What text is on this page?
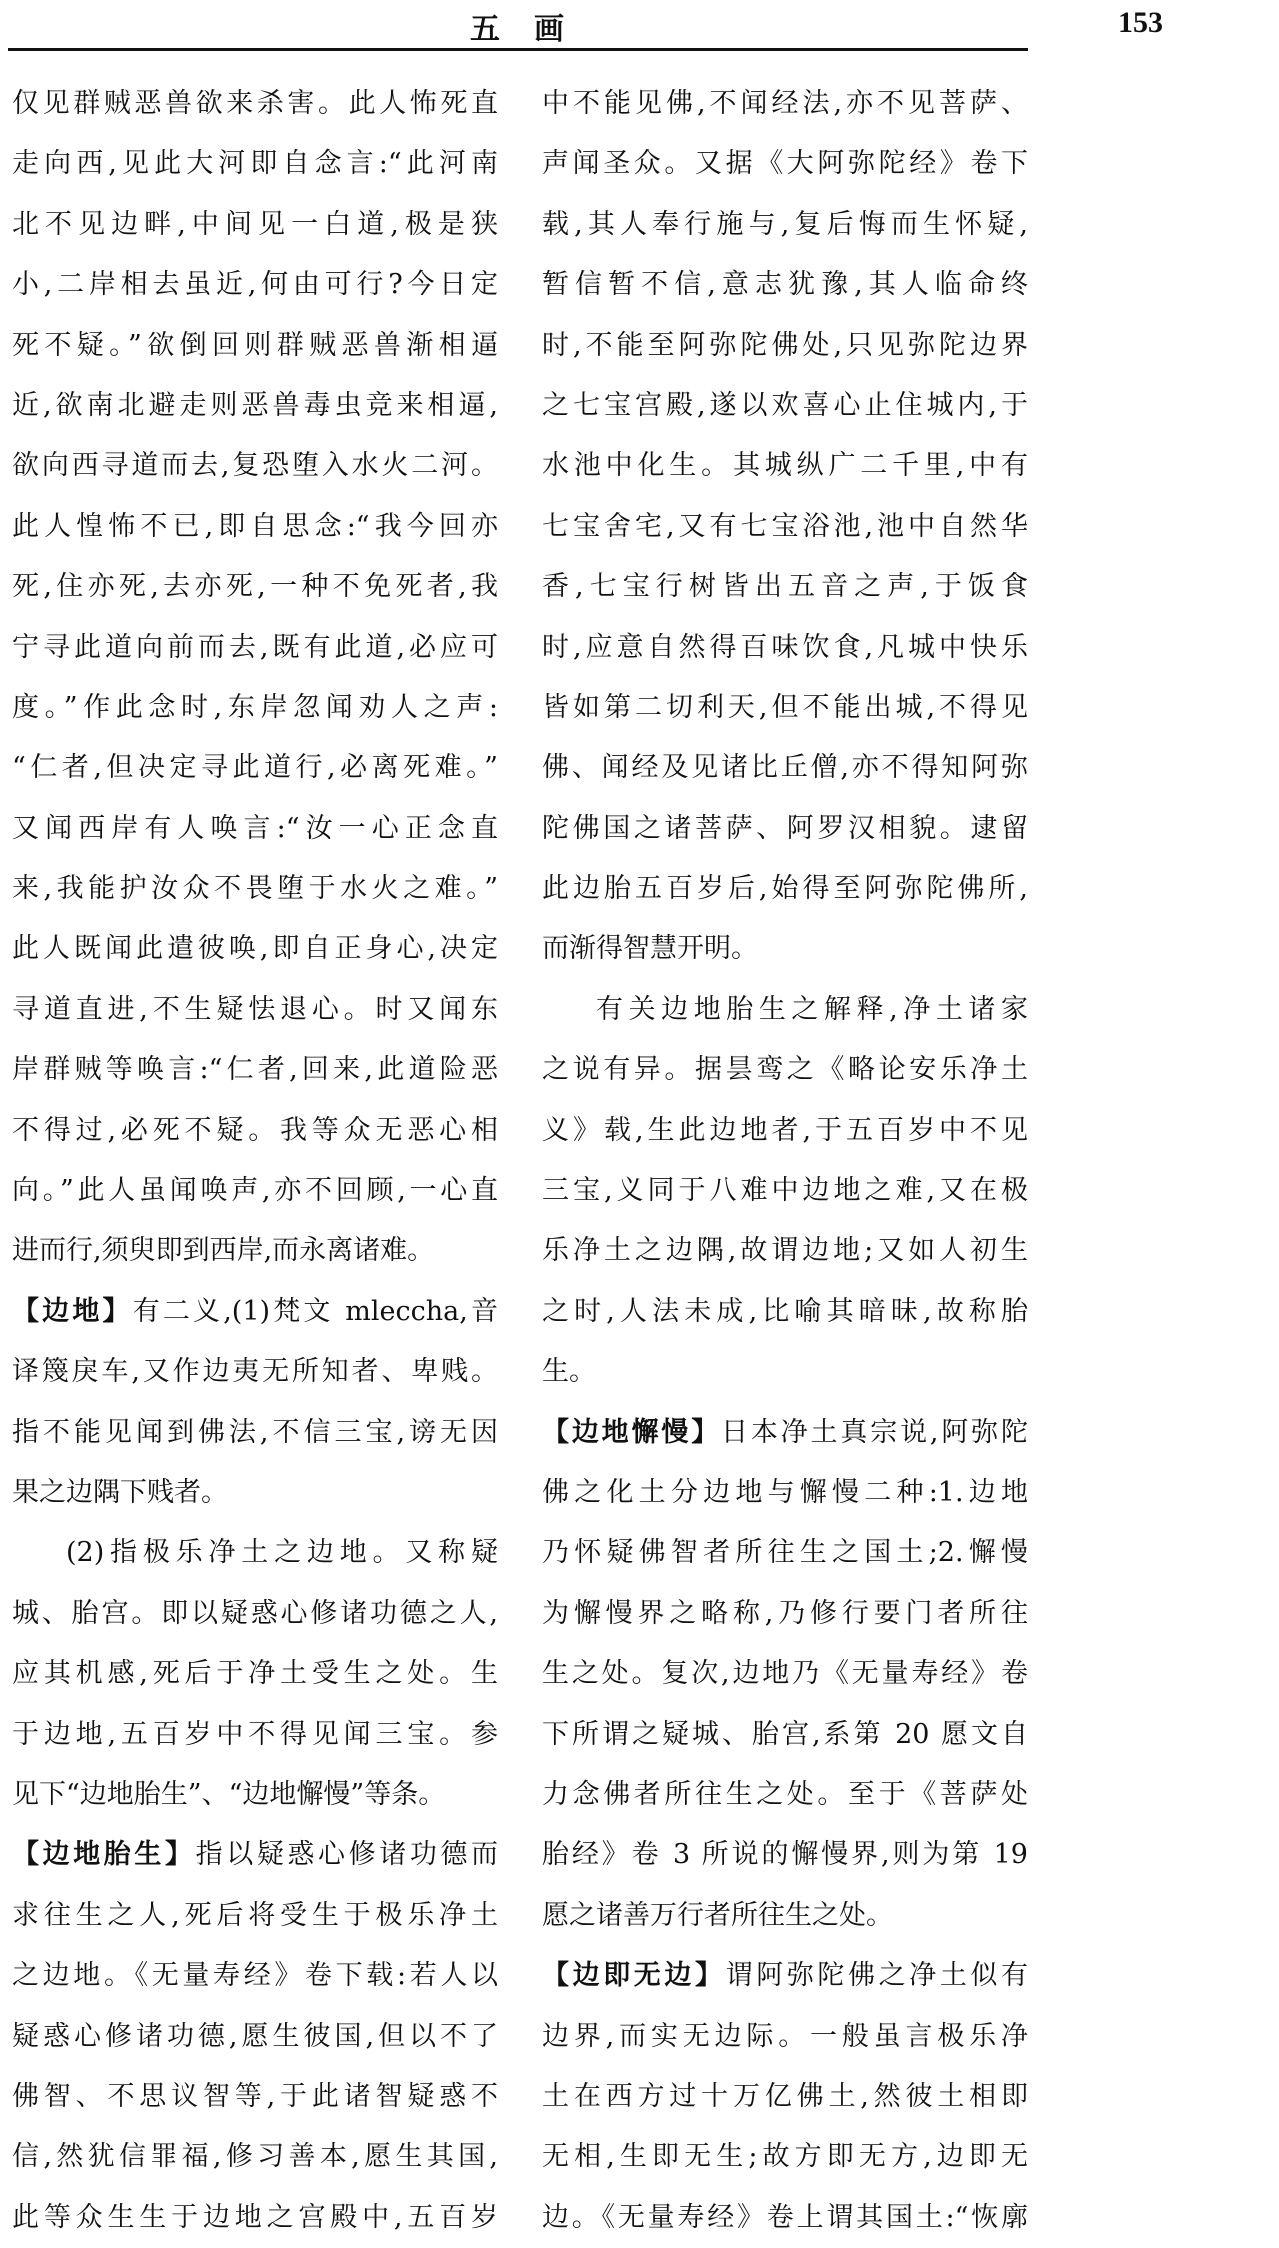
五画	153
仅见群贼恶兽欲来杀害。此人怖死直
走向西,见此大河即自念言:“此河南
北不见边畔,中间见一白道,极是狭
小,二岸相去虽近,何由可行?今日定
死不疑。”欲倒回则群贼恶兽渐相逼
近,欲南北避走则恶兽毒虫竞来相逼,
欲向西寻道而去,复恐堕入水火二河。
此人惶怖不已,即自思念:“我今回亦
死,住亦死,去亦死,一种不免死者,我
宁寻此道向前而去,既有此道,必应可
度。”作此念时,东岸忽闻劝人之声:
“仁者,但决定寻此道行,必离死难。”
又闻西岸有人唤言:“汝一心正念直
来,我能护汝众不畏堕于水火之难。”
此人既闻此遣彼唤,即自正身心,决定
寻道直进,不生疑怯退心。时又闻东
岸群贼等唤言:“仁者,回来,此道险恶
不得过,必死不疑。我等众无恶心相
向。”此人虽闻唤声,亦不回顾,一心直
进而行,须臾即到西岸,而永离诸难。
【边地】有二义,(1)梵文 mleccha,音
译篾戾车,又作边夷无所知者、卑贱。
指不能见闻到佛法,不信三宝,谤无因
果之边隅下贱者。
(2)指极乐净土之边地。又称疑
城、胎宫。即以疑惑心修诸功德之人,
应其机感,死后于净土受生之处。生
于边地,五百岁中不得见闻三宝。参
见下“边地胎生”、“边地懈慢”等条。
【边地胎生】指以疑惑心修诸功德而
求往生之人,死后将受生于极乐净土
之边地。《无量寿经》卷下载:若人以
疑惑心修诸功德,愿生彼国,但以不了
佛智、不思议智等,于此诸智疑惑不
信,然犹信罪福,修习善本,愿生其国,
此等众生生于边地之宫殿中,五百岁
中不能见佛,不闻经法,亦不见菩萨、
声闻圣众。又据《大阿弥陀经》卷下
载,其人奉行施与,复后悔而生怀疑,
暂信暂不信,意志犹豫,其人临命终
时,不能至阿弥陀佛处,只见弥陀边界
之七宝宫殿,遂以欢喜心止住城内,于
水池中化生。其城纵广二千里,中有
七宝舍宅,又有七宝浴池,池中自然华
香,七宝行树皆出五音之声,于饭食
时,应意自然得百味饮食,凡城中快乐
皆如第二切利天,但不能出城,不得见
佛、闻经及见诸比丘僧,亦不得知阿弥
陀佛国之诸菩萨、阿罗汉相貌。逮留
此边胎五百岁后,始得至阿弥陀佛所,
而渐得智慧开明。
有关边地胎生之解释,净土诸家
之说有异。据昙鸾之《略论安乐净土
义》载,生此边地者,于五百岁中不见
三宝,义同于八难中边地之难,又在极
乐净土之边隅,故谓边地;又如人初生
之时,人法未成,比喻其暗昧,故称胎
生。
【边地懈慢】日本净土真宗说,阿弥陀
佛之化土分边地与懈慢二种:1.边地
乃怀疑佛智者所往生之国土;2.懈慢
为懈慢界之略称,乃修行要门者所往
生之处。复次,边地乃《无量寿经》卷
下所谓之疑城、胎宫,系第 20 愿文自
力念佛者所往生之处。至于《菩萨处
胎经》卷 3 所说的懈慢界,则为第 19
愿之诸善万行者所往生之处。
【边即无边】谓阿弥陀佛之净土似有
边界,而实无边际。一般虽言极乐净
土在西方过十万亿佛土,然彼土相即
无相,生即无生;故方即无方,边即无
边。《无量寿经》卷上谓其国土:“恢廓
